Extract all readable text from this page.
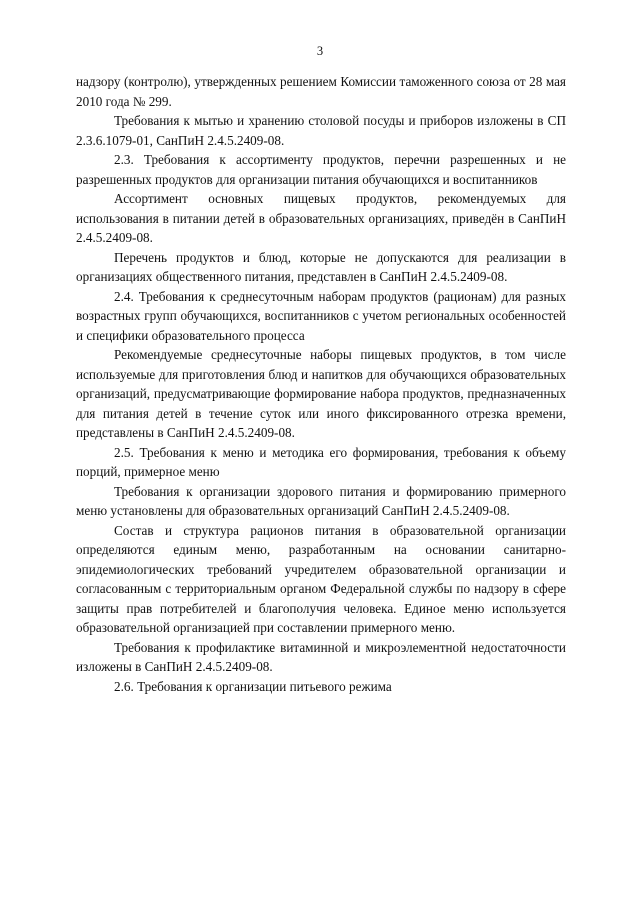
3

надзору (контролю), утвержденных решением Комиссии таможенного союза от 28 мая 2010 года № 299.

Требования к мытью и хранению столовой посуды и приборов изложены в СП 2.3.6.1079-01, СанПиН 2.4.5.2409-08.

2.3. Требования к ассортименту продуктов, перечни разрешенных и не разрешенных продуктов для организации питания обучающихся и воспитанников

Ассортимент основных пищевых продуктов, рекомендуемых для использования в питании детей в образовательных организациях, приведён в СанПиН 2.4.5.2409-08.

Перечень продуктов и блюд, которые не допускаются для реализации в организациях общественного питания, представлен в СанПиН 2.4.5.2409-08.

2.4. Требования к среднесуточным наборам продуктов (рационам) для разных возрастных групп обучающихся, воспитанников с учетом региональных особенностей и специфики образовательного процесса

Рекомендуемые среднесуточные наборы пищевых продуктов, в том числе используемые для приготовления блюд и напитков для обучающихся образовательных организаций, предусматривающие формирование набора продуктов, предназначенных для питания детей в течение суток или иного фиксированного отрезка времени, представлены в СанПиН 2.4.5.2409-08.

2.5. Требования к меню и методика его формирования, требования к объему порций, примерное меню

Требования к организации здорового питания и формированию примерного меню установлены для образовательных организаций СанПиН 2.4.5.2409-08.

Состав и структура рационов питания в образовательной организации определяются единым меню, разработанным на основании санитарно-эпидемиологических требований учредителем образовательной организации и согласованным с территориальным органом Федеральной службы по надзору в сфере защиты прав потребителей и благополучия человека. Единое меню используется образовательной организацией при составлении примерного меню.

Требования к профилактике витаминной и микроэлементной недостаточности изложены в СанПиН 2.4.5.2409-08.

2.6. Требования к организации питьевого режима
